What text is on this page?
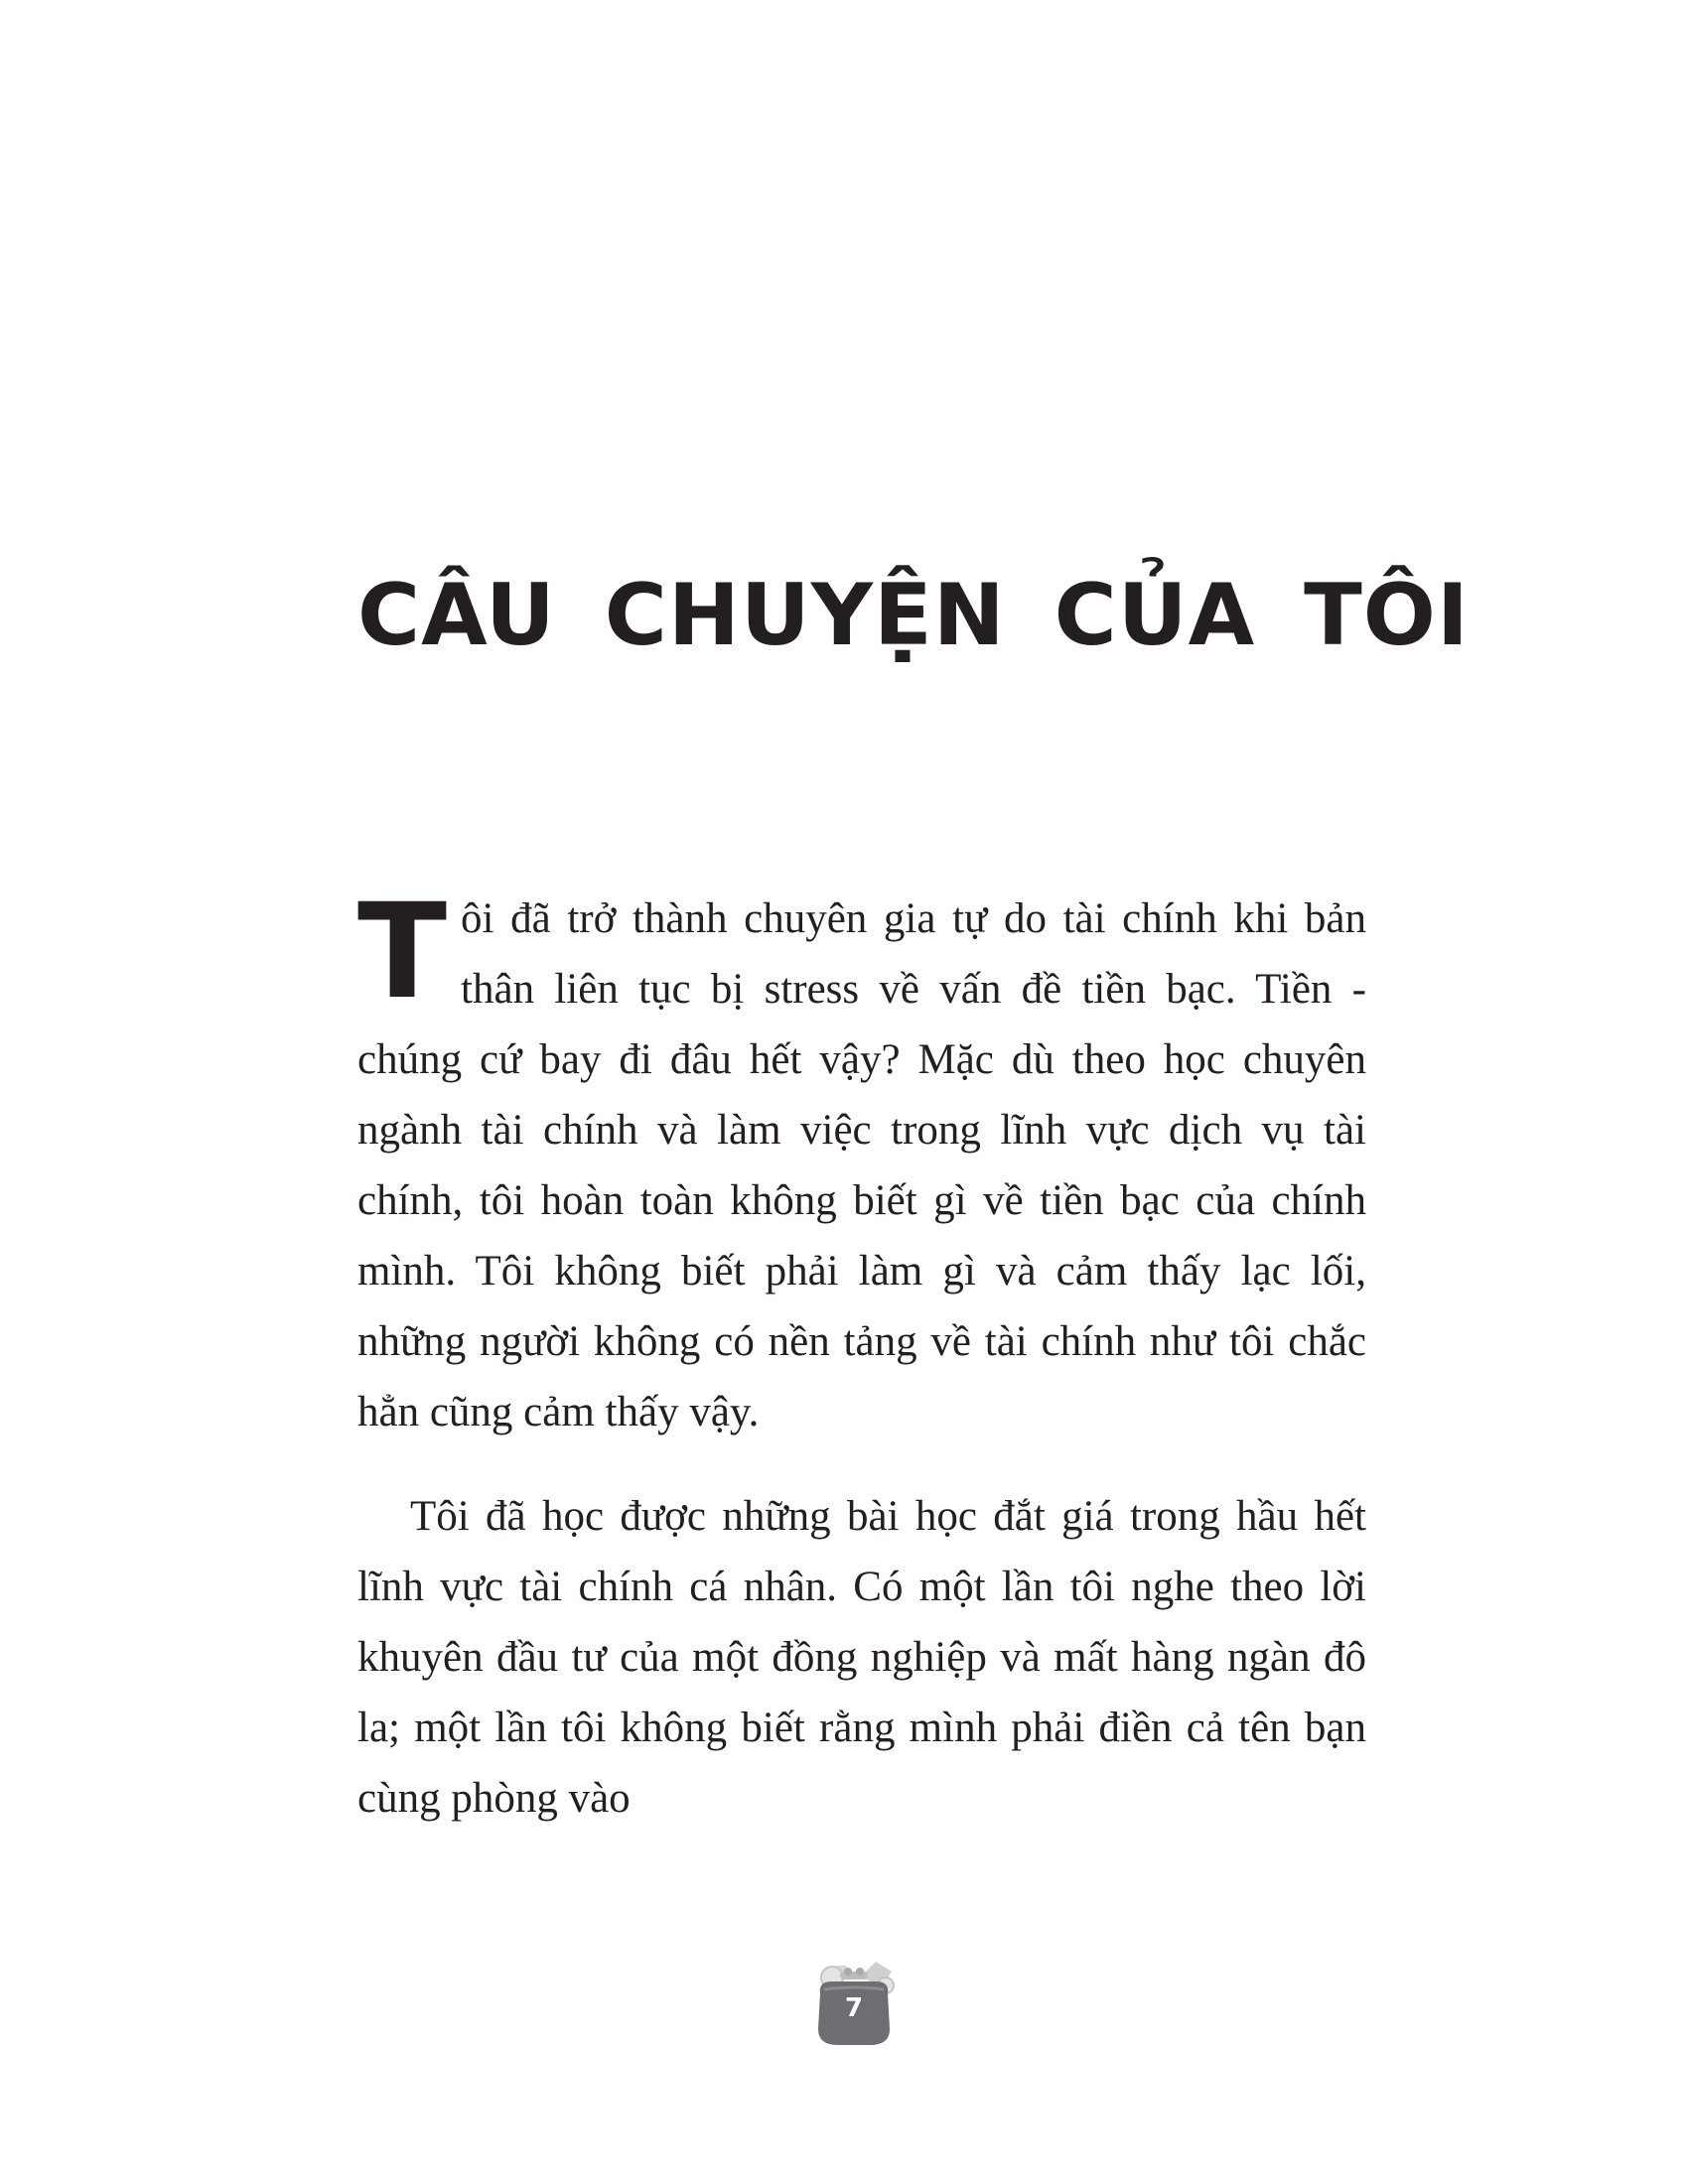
CÂU CHUYỆN CỦA TÔI

Tôi đã trở thành chuyên gia tự do tài chính khi bản thân liên tục bị stress về vấn đề tiền bạc. Tiền - chúng cứ bay đi đâu hết vậy? Mặc dù theo học chuyên ngành tài chính và làm việc trong lĩnh vực dịch vụ tài chính, tôi hoàn toàn không biết gì về tiền bạc của chính mình. Tôi không biết phải làm gì và cảm thấy lạc lối, những người không có nền tảng về tài chính như tôi chắc hẳn cũng cảm thấy vậy.

Tôi đã học được những bài học đắt giá trong hầu hết lĩnh vực tài chính cá nhân. Có một lần tôi nghe theo lời khuyên đầu tư của một đồng nghiệp và mất hàng ngàn đô la; một lần tôi không biết rằng mình phải điền cả tên bạn cùng phòng vào

7
